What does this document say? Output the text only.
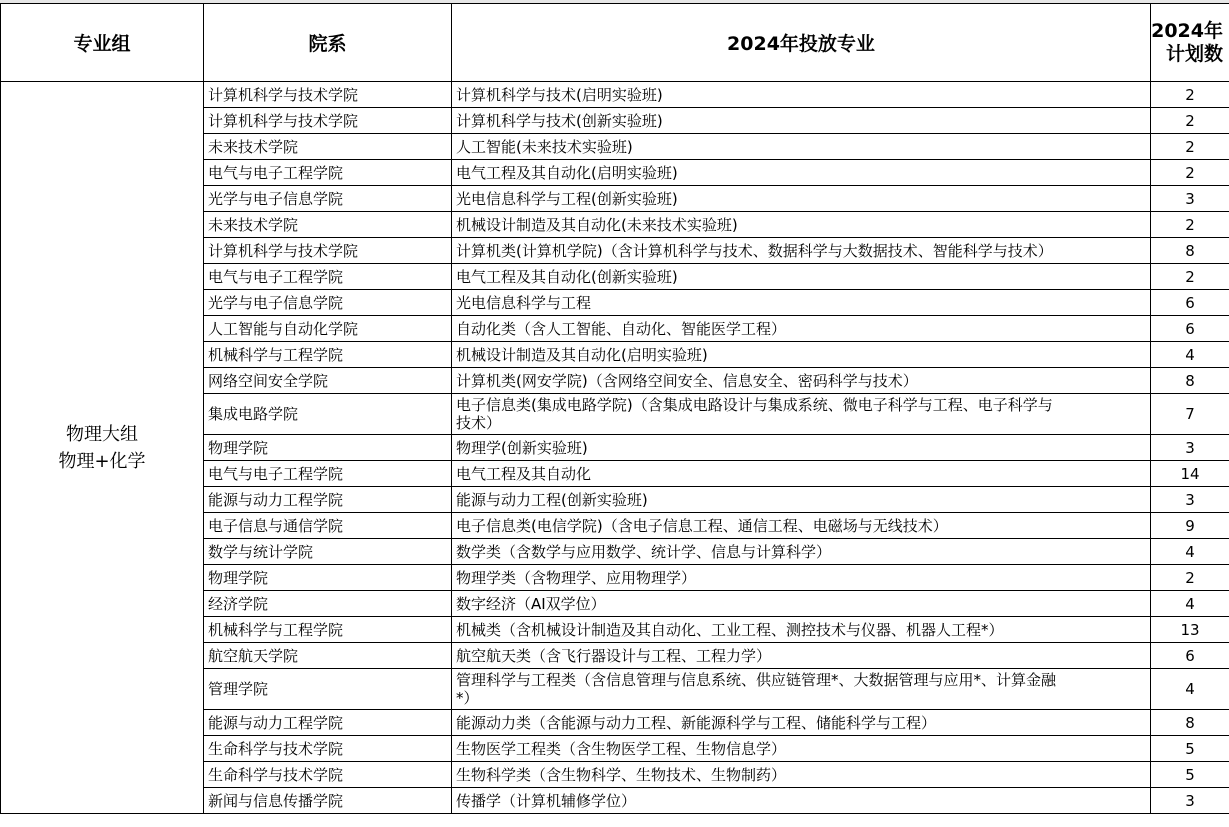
专业组	院系	2024年投放专业	2024年
计划数

物理大组
物理+化学	计算机科学与技术学院	计算机科学与技术(启明实验班)	2
	计算机科学与技术学院	计算机科学与技术(创新实验班)	2
	未来技术学院	人工智能(未来技术实验班)	2
	电气与电子工程学院	电气工程及其自动化(启明实验班)	2
	光学与电子信息学院	光电信息科学与工程(创新实验班)	3
	未来技术学院	机械设计制造及其自动化(未来技术实验班)	2
	计算机科学与技术学院	计算机类(计算机学院)（含计算机科学与技术、数据科学与大数据技术、智能科学与技术）	8
	电气与电子工程学院	电气工程及其自动化(创新实验班)	2
	光学与电子信息学院	光电信息科学与工程	6
	人工智能与自动化学院	自动化类（含人工智能、自动化、智能医学工程）	6
	机械科学与工程学院	机械设计制造及其自动化(启明实验班)	4
	网络空间安全学院	计算机类(网安学院)（含网络空间安全、信息安全、密码科学与技术）	8
	集成电路学院	电子信息类(集成电路学院)（含集成电路设计与集成系统、微电子科学与工程、电子科学与
技术）	7
	物理学院	物理学(创新实验班)	3
	电气与电子工程学院	电气工程及其自动化	14
	能源与动力工程学院	能源与动力工程(创新实验班)	3
	电子信息与通信学院	电子信息类(电信学院)（含电子信息工程、通信工程、电磁场与无线技术）	9
	数学与统计学院	数学类（含数学与应用数学、统计学、信息与计算科学）	4
	物理学院	物理学类（含物理学、应用物理学）	2
	经济学院	数字经济（AI双学位）	4
	机械科学与工程学院	机械类（含机械设计制造及其自动化、工业工程、测控技术与仪器、机器人工程*）	13
	航空航天学院	航空航天类（含飞行器设计与工程、工程力学）	6
	管理学院	管理科学与工程类（含信息管理与信息系统、供应链管理*、大数据管理与应用*、计算金融
*）	4
	能源与动力工程学院	能源动力类（含能源与动力工程、新能源科学与工程、储能科学与工程）	8
	生命科学与技术学院	生物医学工程类（含生物医学工程、生物信息学）	5
	生命科学与技术学院	生物科学类（含生物科学、生物技术、生物制药）	5
	新闻与信息传播学院	传播学（计算机辅修学位）	3
